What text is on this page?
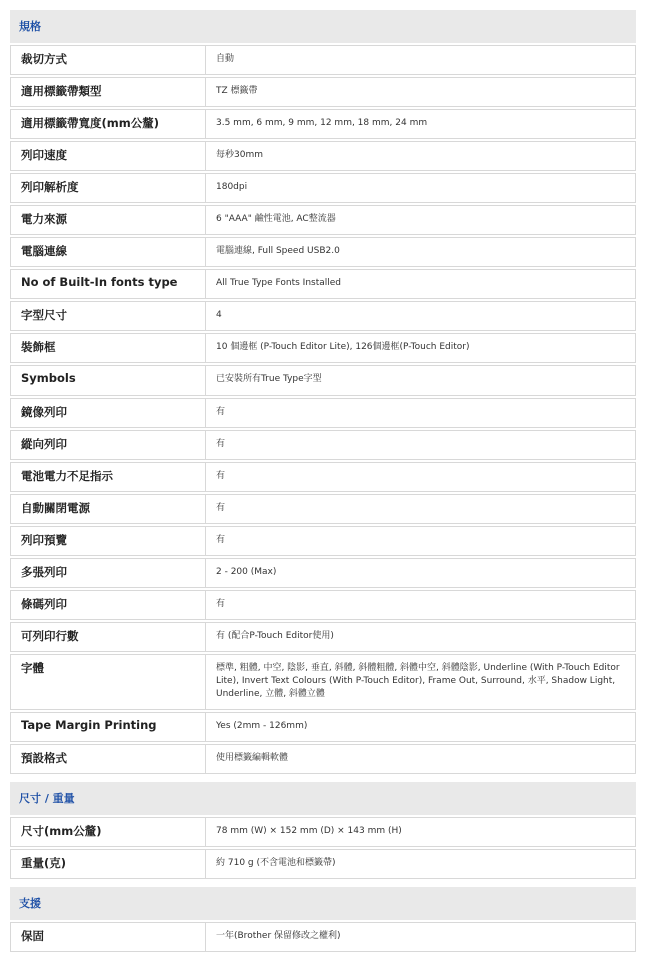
規格	
裁切方式	自動
適用標籤帶類型	TZ 標籤帶
適用標籤帶寬度(mm公釐)	3.5 mm, 6 mm, 9 mm, 12 mm, 18 mm, 24 mm
列印速度	每秒30mm
列印解析度	180dpi
電力來源	6 "AAA" 鹼性電池, AC整流器
電腦連線	電腦連線, Full Speed USB2.0
No of Built-In fonts type	All True Type Fonts Installed
字型尺寸	4
裝飾框	10 個邊框 (P-Touch Editor Lite), 126個邊框(P-Touch Editor)
Symbols	已安裝所有True Type字型
鏡像列印	有
縱向列印	有
電池電力不足指示	有
自動關閉電源	有
列印預覽	有
多張列印	2 - 200 (Max)
條碼列印	有
可列印行數	有 (配合P-Touch Editor使用)
字體	標準, 粗體, 中空, 陰影, 垂直, 斜體, 斜體粗體, 斜體中空, 斜體陰影, Underline (With P-Touch Editor Lite), Invert Text Colours (With P-Touch Editor), Frame Out, Surround, 水平, Shadow Light, Underline, 立體, 斜體立體
Tape Margin Printing	Yes (2mm - 126mm)
預設格式	使用標籤編輯軟體

尺寸 / 重量	
尺寸(mm公釐)	78 mm (W) × 152 mm (D) × 143 mm (H)
重量(克)	約 710 g (不含電池和標籤帶)

支援	
保固	一年(Brother 保留修改之權利)
